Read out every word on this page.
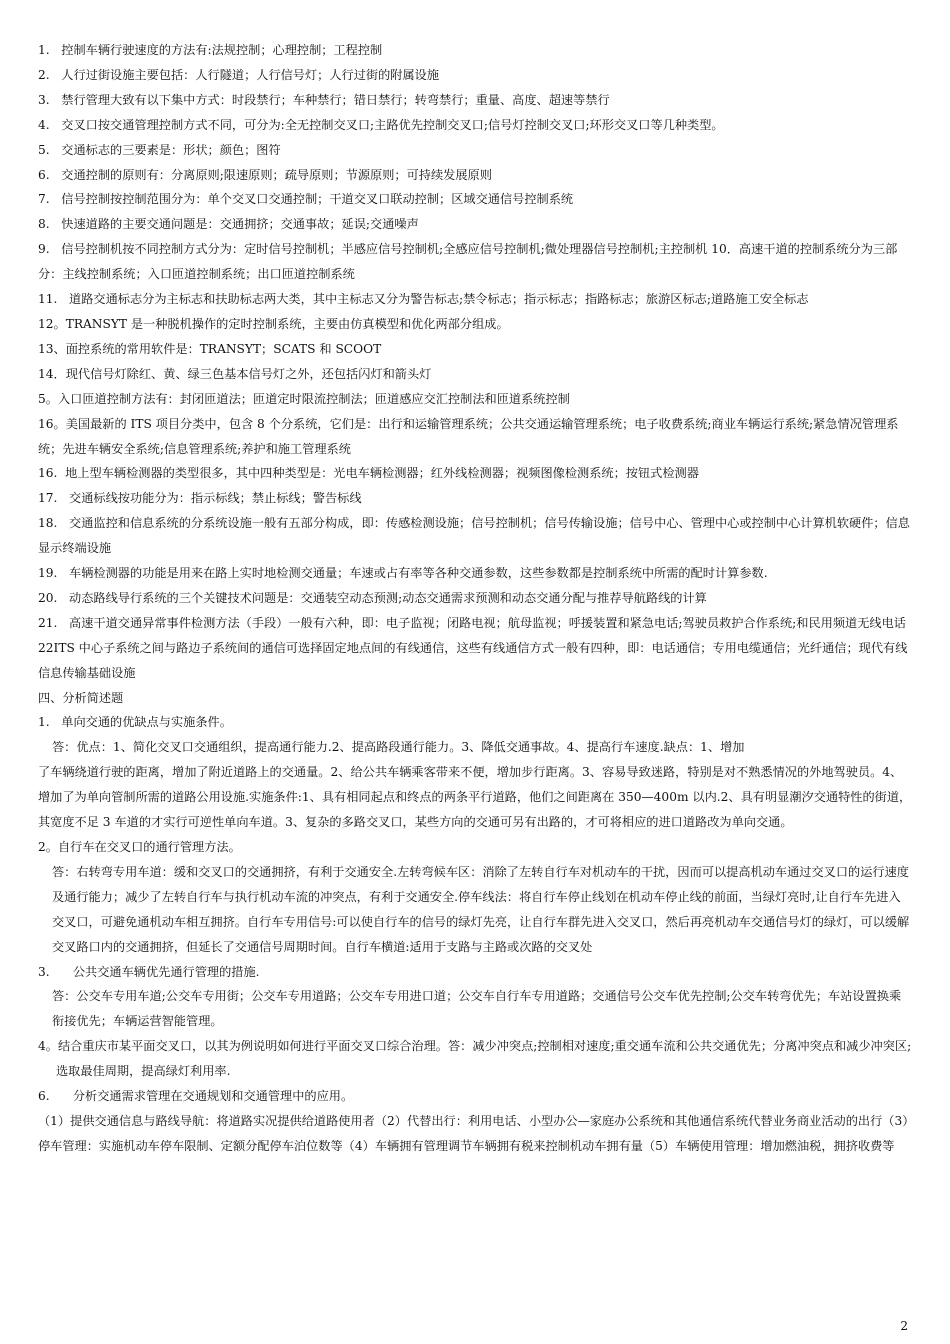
1.   控制车辆行驶速度的方法有:法规控制；心理控制；工程控制

2.   人行过街设施主要包括：人行隧道；人行信号灯；人行过街的附属设施

3.   禁行管理大致有以下集中方式：时段禁行；车种禁行；错日禁行；转弯禁行；重量、高度、超速等禁行

4.   交叉口按交通管理控制方式不同，可分为:全无控制交叉口;主路优先控制交叉口;信号灯控制交叉口;环形交叉口等几种类型。

5.   交通标志的三要素是：形状；颜色；图符

6.   交通控制的原则有：分离原则;限速原则；疏导原则；节源原则；可持续发展原则

7.   信号控制按控制范围分为：单个交叉口交通控制；干道交叉口联动控制；区域交通信号控制系统

8.   快速道路的主要交通问题是：交通拥挤；交通事故；延误;交通噪声

9.   信号控制机按不同控制方式分为：定时信号控制机；半感应信号控制机;全感应信号控制机;微处理器信号控制机;主控制机 10．高速干道的控制系统分为三部分：主线控制系统；入口匝道控制系统；出口匝道控制系统

11.   道路交通标志分为主标志和扶助标志两大类，其中主标志又分为警告标志;禁令标志；指示标志；指路标志；旅游区标志;道路施工安全标志

12。TRANSYT 是一种脱机操作的定时控制系统，主要由仿真模型和优化两部分组成。

13、面控系统的常用软件是：TRANSYT；SCATS 和 SCOOT

14．现代信号灯除红、黄、绿三色基本信号灯之外，还包括闪灯和箭头灯

5。入口匝道控制方法有：封闭匝道法；匝道定时限流控制法；匝道感应交汇控制法和匝道系统控制

16。美国最新的 ITS 项目分类中，包含 8 个分系统，它们是：出行和运输管理系统；公共交通运输管理系统；电子收费系统;商业车辆运行系统;紧急情况管理系统；先进车辆安全系统;信息管理系统;养护和施工管理系统

16.  地上型车辆检测器的类型很多，其中四种类型是：光电车辆检测器；红外线检测器；视频图像检测系统；按钮式检测器

17.   交通标线按功能分为：指示标线；禁止标线；警告标线

18.   交通监控和信息系统的分系统设施一般有五部分构成，即：传感检测设施；信号控制机；信号传输设施；信号中心、管理中心或控制中心计算机软硬件；信息显示终端设施

19.   车辆检测器的功能是用来在路上实时地检测交通量；车速或占有率等各种交通参数，这些参数都是控制系统中所需的配时计算参数.

20.   动态路线导行系统的三个关键技术问题是：交通装空动态预测;动态交通需求预测和动态交通分配与推荐导航路线的计算

21.   高速干道交通异常事件检测方法（手段）一般有六种，即：电子监视；闭路电视；航母监视；呼援装置和紧急电话;驾驶员救护合作系统;和民用频道无线电话

22ITS 中心子系统之间与路边子系统间的通信可选择固定地点间的有线通信，这些有线通信方式一般有四种，即：电话通信；专用电缆通信；光纤通信；现代有线信息传输基础设施

四、分析简述题

1.   单向交通的优缺点与实施条件。

答：优点：1、简化交叉口交通组织，提高通行能力.2、提高路段通行能力。3、降低交通事故。4、提高行车速度.缺点：1、增加

了车辆绕道行驶的距离，增加了附近道路上的交通量。2、给公共车辆乘客带来不便，增加步行距离。3、容易导致迷路，特别是对不熟悉情况的外地驾驶员。4、增加了为单向管制所需的道路公用设施.实施条件:1、具有相同起点和终点的两条平行道路，他们之间距离在 350—400m 以内.2、具有明显潮汐交通特性的街道，其宽度不足 3 车道的才实行可逆性单向车道。3、复杂的多路交叉口，某些方向的交通可另有出路的，才可将相应的进口道路改为单向交通。

2。自行车在交叉口的通行管理方法。

答：右转弯专用车道：缓和交叉口的交通拥挤，有利于交通安全.左转弯候车区：消除了左转自行车对机动车的干扰，因而可以提高机动车通过交叉口的运行速度及通行能力；减少了左转自行车与执行机动车流的冲突点，有利于交通安全.停车线法：将自行车停止线划在机动车停止线的前面，当绿灯亮时,让自行车先进入交叉口，可避免通机动车相互拥挤。自行车专用信号:可以使自行车的信号的绿灯先亮，让自行车群先进入交叉口，然后再亮机动车交通信号灯的绿灯，可以缓解交叉路口内的交通拥挤，但延长了交通信号周期时间。自行车横道:适用于支路与主路或次路的交叉处

3.      公共交通车辆优先通行管理的措施.

答：公交车专用车道;公交车专用街；公交车专用道路；公交车专用进口道；公交车自行车专用道路；交通信号公交车优先控制;公交车转弯优先；车站设置换乘衔接优先；车辆运营智能管理。

4。结合重庆市某平面交叉口，以其为例说明如何进行平面交叉口综合治理。答：减少冲突点;控制相对速度;重交通车流和公共交通优先；分离冲突点和减少冲突区;选取最佳周期，提高绿灯利用率.

6.      分析交通需求管理在交通规划和交通管理中的应用。

（1）提供交通信息与路线导航：将道路实况提供给道路使用者（2）代替出行：利用电话、小型办公—家庭办公系统和其他通信系统代替业务商业活动的出行（3）停车管理：实施机动车停车限制、定额分配停车泊位数等（4）车辆拥有管理调节车辆拥有税来控制机动车拥有量（5）车辆使用管理：增加燃油税，拥挤收费等

2
